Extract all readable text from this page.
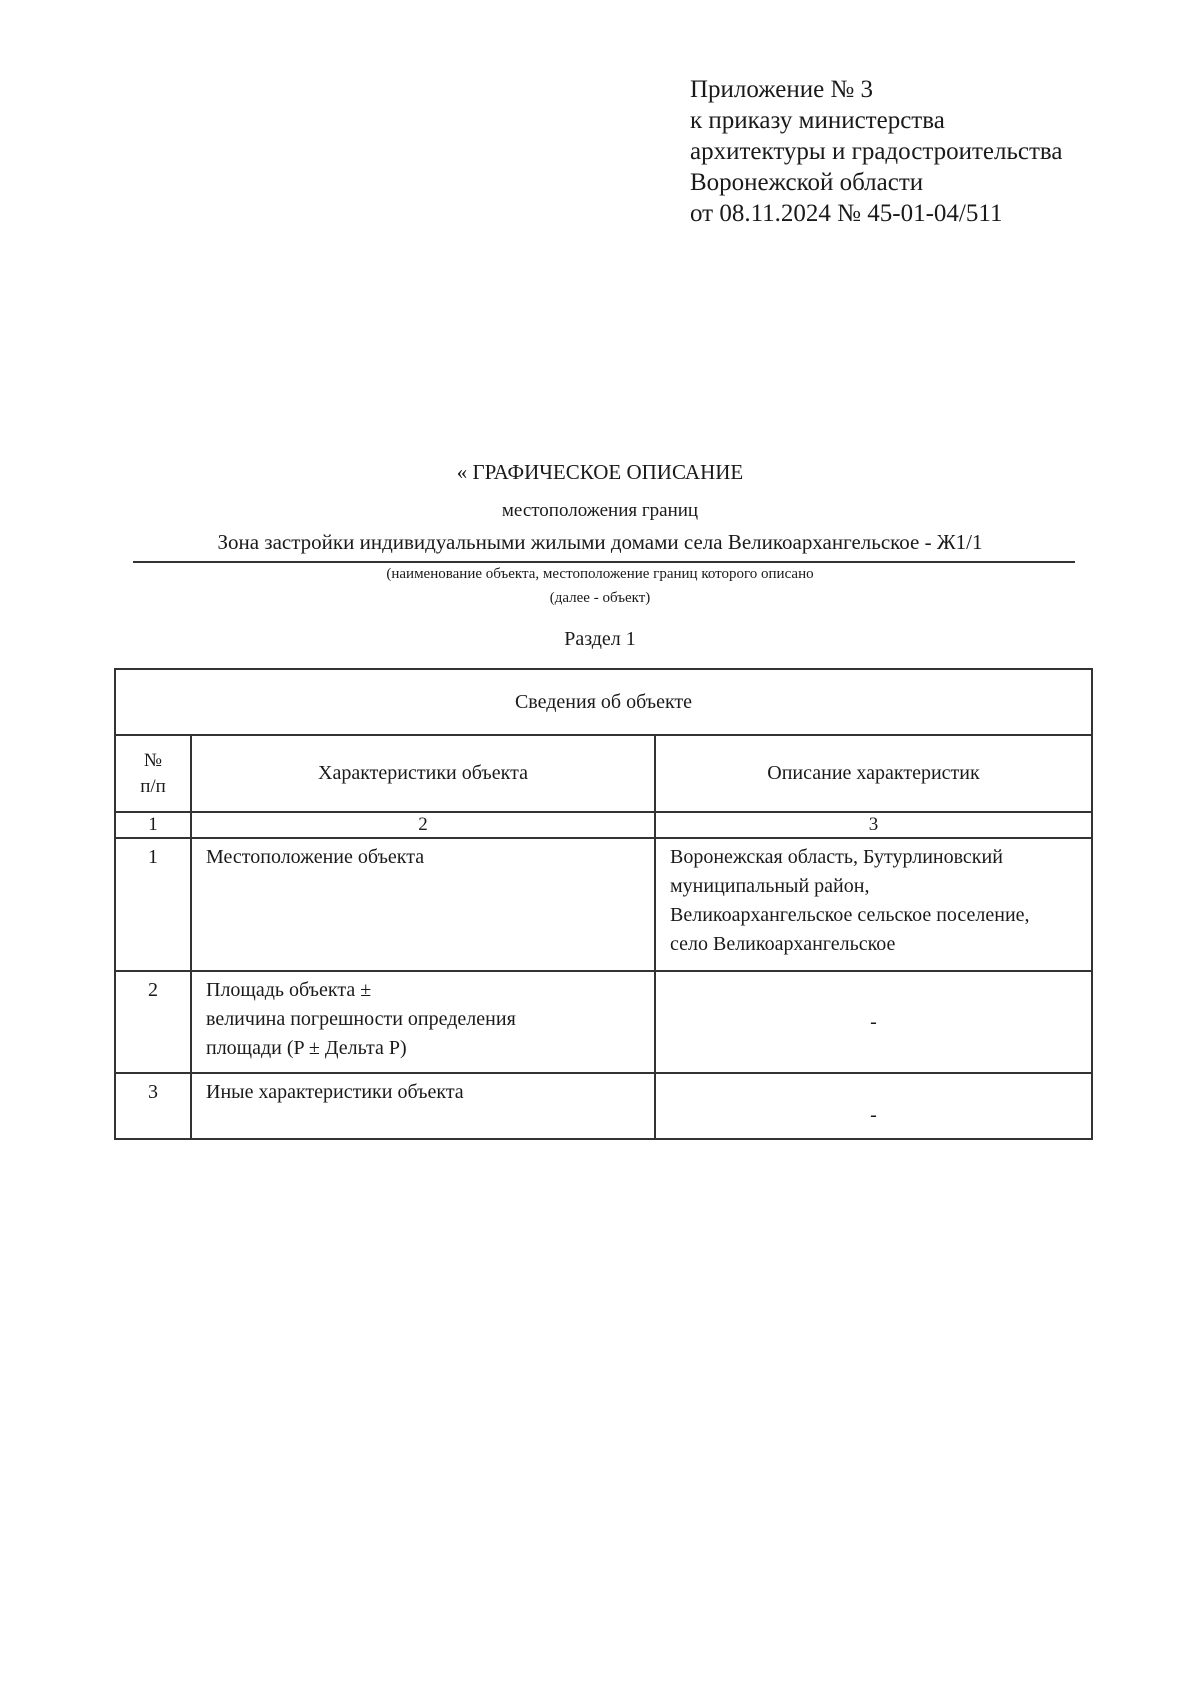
Приложение № 3
к приказу министерства
архитектуры и градостроительства
Воронежской области
от 08.11.2024 № 45-01-04/511
« ГРАФИЧЕСКОЕ ОПИСАНИЕ
местоположения границ
Зона застройки индивидуальными жилыми домами села Великоархангельское - Ж1/1
(наименование объекта, местоположение границ которого описано
(далее - объект)
Раздел 1
Сведения об объекте		

№
п/п	Характеристики объекта	Описание характеристик
1	2	3
1	Местоположение объекта	Воронежская область, Бутурлиновский
муниципальный район,
Великоархангельское сельское поселение,
село Великоархангельское

2	Площадь объекта ±
величина погрешности определения
площади (P ± Дельта P)	-
3	Иные характеристики объекта	-
